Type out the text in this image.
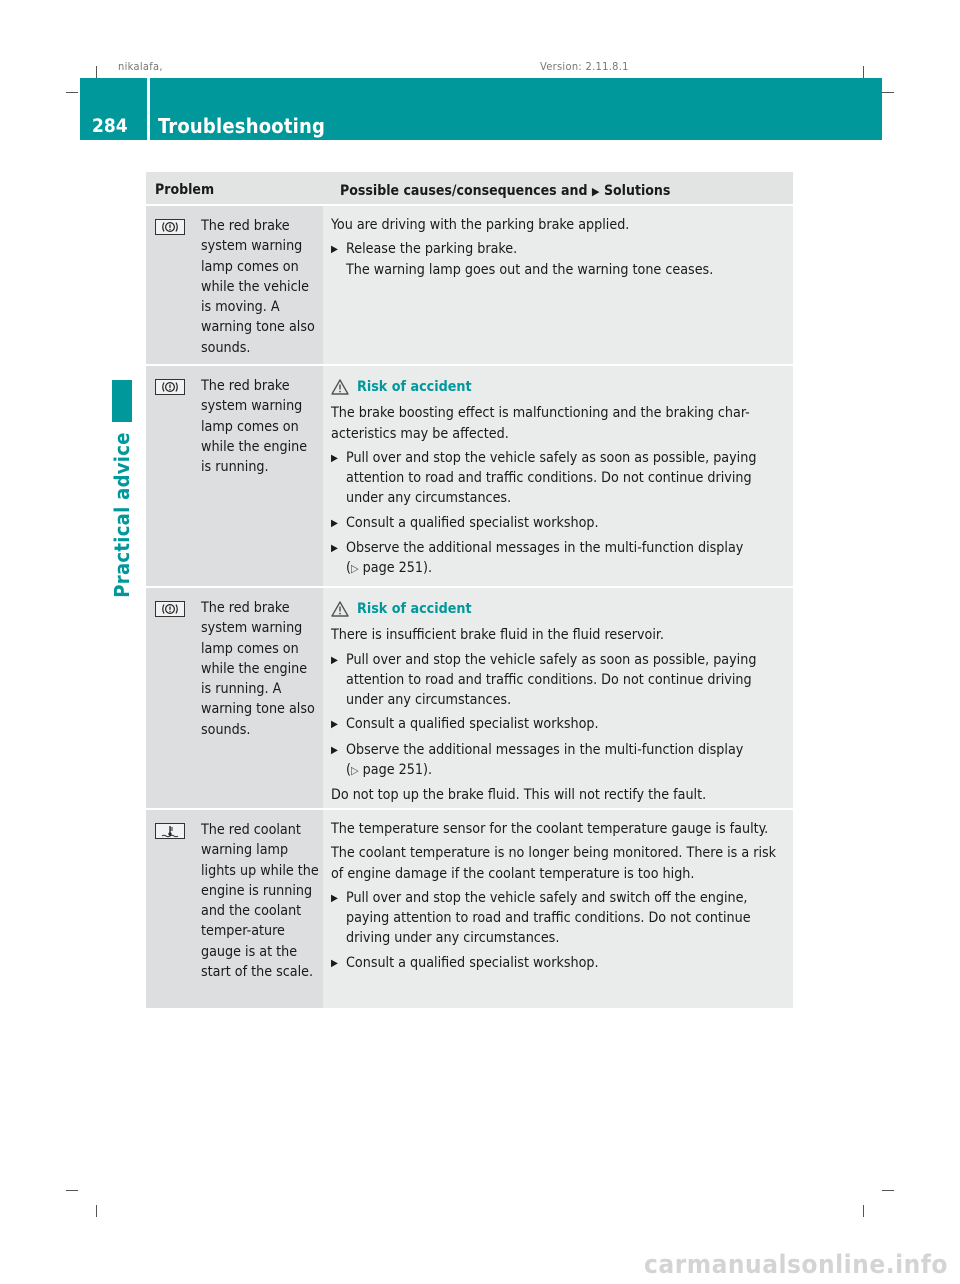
nikalafa,	Version: 2.11.8.1
284 Troubleshooting
Practical advice
Problem	Possible causes/consequences and ▶ Solutions
The red brake system warning lamp comes on while the vehicle is moving. A warning tone also sounds.
You are driving with the parking brake applied.
▶ Release the parking brake.
The warning lamp goes out and the warning tone ceases.
The red brake system warning lamp comes on while the engine is running.
Risk of accident
The brake boosting effect is malfunctioning and the braking char-acteristics may be affected.
▶ Pull over and stop the vehicle safely as soon as possible, paying attention to road and traffic conditions. Do not continue driving under any circumstances.
▶ Consult a qualified specialist workshop.
▶ Observe the additional messages in the multi-function display
(▷ page 251).
The red brake system warning lamp comes on while the engine is running. A warning tone also sounds.
Risk of accident
There is insufficient brake fluid in the fluid reservoir.
▶ Pull over and stop the vehicle safely as soon as possible, paying attention to road and traffic conditions. Do not continue driving under any circumstances.
▶ Consult a qualified specialist workshop.
▶ Observe the additional messages in the multi-function display
(▷ page 251).
Do not top up the brake fluid. This will not rectify the fault.
The red coolant warning lamp lights up while the engine is running and the coolant temper-ature gauge is at the start of the scale.
The temperature sensor for the coolant temperature gauge is faulty.
The coolant temperature is no longer being monitored. There is a risk of engine damage if the coolant temperature is too high.
▶ Pull over and stop the vehicle safely and switch off the engine, paying attention to road and traffic conditions. Do not continue driving under any circumstances.
▶ Consult a qualified specialist workshop.
carmanualsonline.info
